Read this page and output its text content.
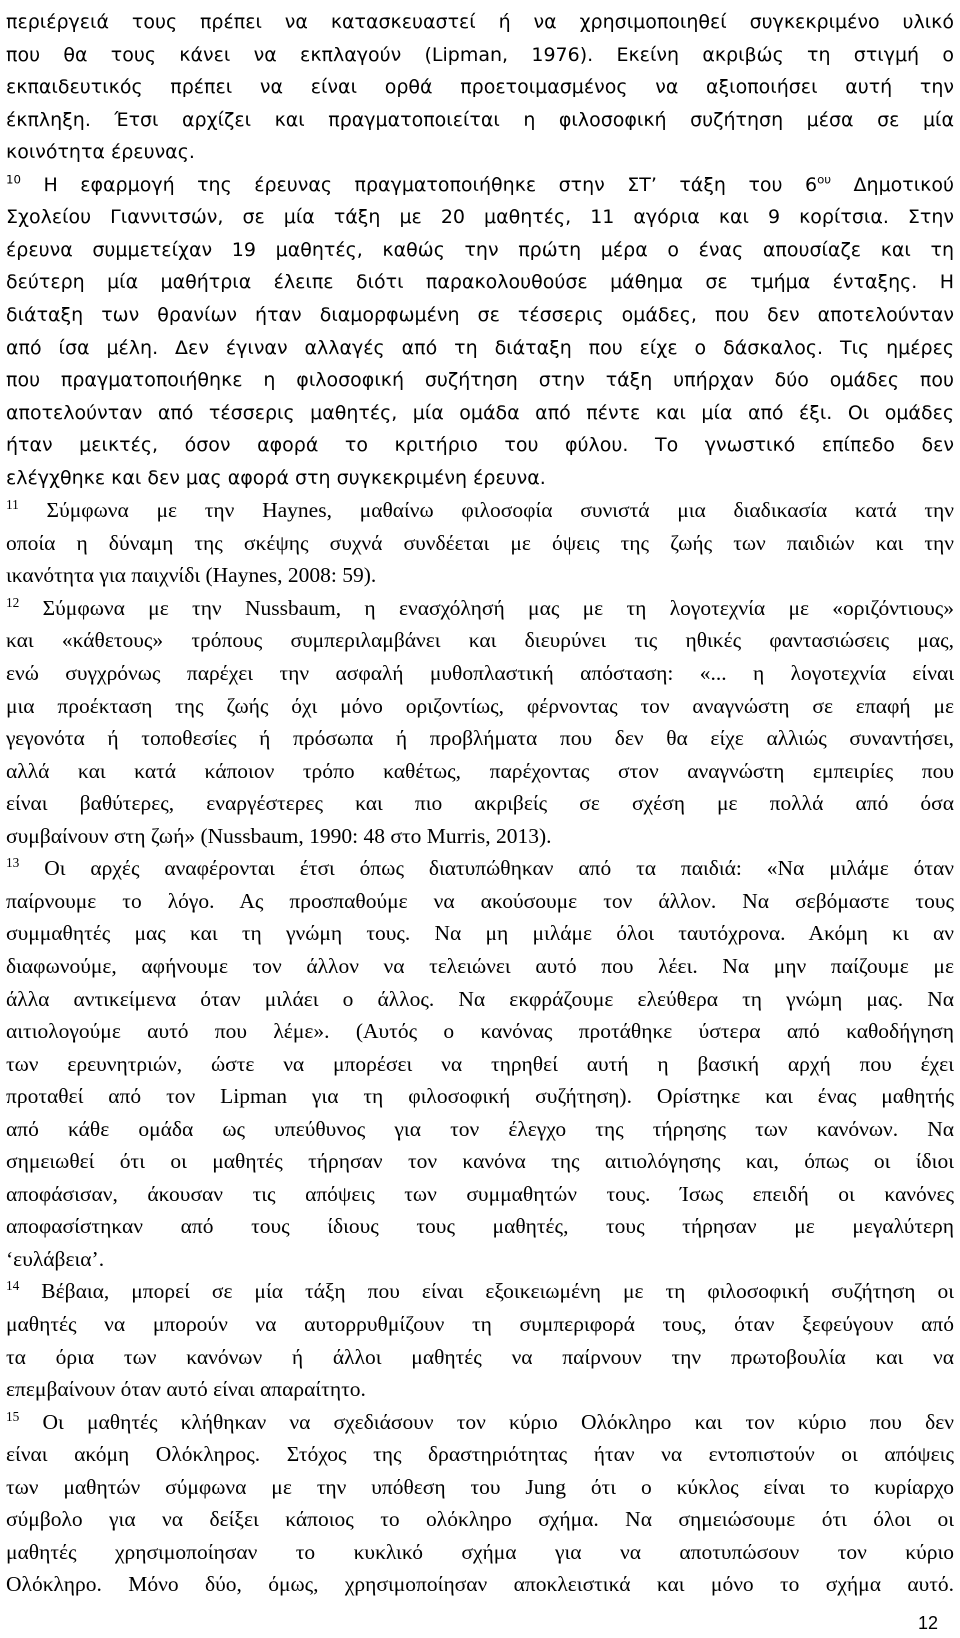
περιέργειά τους πρέπει να κατασκευαστεί ή να χρησιμοποιηθεί συγκεκριμένο υλικό
που θα τους κάνει να εκπλαγούν (Lipman, 1976). Εκείνη ακριβώς τη στιγμή ο
εκπαιδευτικός πρέπει να είναι ορθά προετοιμασμένος να αξιοποιήσει αυτή την
έκπληξη. Έτσι αρχίζει και πραγματοποιείται η φιλοσοφική συζήτηση μέσα σε μία
κοινότητα έρευνας.
$^{10}$ Η εφαρμογή της έρευνας πραγματοποιήθηκε στην ΣΤ’ τάξη του 6$^{o\upsilon}$ Δημοτικού
Σχολείου Γιαννιτσών, σε μία τάξη με 20 μαθητές, 11 αγόρια και 9 κορίτσια. Στην
έρευνα συμμετείχαν 19 μαθητές, καθώς την πρώτη μέρα ο ένας απουσίαζε και τη
δεύτερη μία μαθήτρια έλειπε διότι παρακολουθούσε μάθημα σε τμήμα ένταξης. Η
διάταξη των θρανίων ήταν διαμορφωμένη σε τέσσερις ομάδες, που δεν αποτελούνταν
από ίσα μέλη. Δεν έγιναν αλλαγές από τη διάταξη που είχε ο δάσκαλος. Τις ημέρες
που πραγματοποιήθηκε η φιλοσοφική συζήτηση στην τάξη υπήρχαν δύο ομάδες που
αποτελούνταν από τέσσερις μαθητές, μία ομάδα από πέντε και μία από έξι. Οι ομάδες
ήταν μεικτές, όσον αφορά το κριτήριο του φύλου. Το γνωστικό επίπεδο δεν
ελέγχθηκε και δεν μας αφορά στη συγκεκριμένη έρευνα.
$^{11}$ Σύμφωνα με την Haynes, μαθαίνω φιλοσοφία συνιστά μια διαδικασία κατά την
οποία η δύναμη της σκέψης συχνά συνδέεται με όψεις της ζωής των παιδιών και την
ικανότητα για παιχνίδι (Haynes, 2008: 59).
$^{12}$ Σύμφωνα με την Nussbaum, η ενασχόλησή μας με τη λογοτεχνία με «οριζόντιους»
και «κάθετους» τρόπους συμπεριλαμβάνει και διευρύνει τις ηθικές φαντασιώσεις μας,
ενώ συγχρόνως παρέχει την ασφαλή μυθοπλαστική απόσταση: «... η λογοτεχνία είναι
μια προέκταση της ζωής όχι μόνο οριζοντίως, φέρνοντας τον αναγνώστη σε επαφή με
γεγονότα ή τοποθεσίες ή πρόσωπα ή προβλήματα που δεν θα είχε αλλιώς συναντήσει,
αλλά και κατά κάποιον τρόπο καθέτως, παρέχοντας στον αναγνώστη εμπειρίες που
είναι βαθύτερες, εναργέστερες και πιο ακριβείς σε σχέση με πολλά από όσα
συμβαίνουν στη ζωή» (Nussbaum, 1990: 48 στο Murris, 2013).
$^{13}$ Οι αρχές αναφέρονται έτσι όπως διατυπώθηκαν από τα παιδιά: «Να μιλάμε όταν
παίρνουμε το λόγο. Ας προσπαθούμε να ακούσουμε τον άλλον. Να σεβόμαστε τους
συμμαθητές μας και τη γνώμη τους. Να μη μιλάμε όλοι ταυτόχρονα. Ακόμη κι αν
διαφωνούμε, αφήνουμε τον άλλον να τελειώνει αυτό που λέει. Να μην παίζουμε με
άλλα αντικείμενα όταν μιλάει ο άλλος. Να εκφράζουμε ελεύθερα τη γνώμη μας. Να
αιτιολογούμε αυτό που λέμε». (Αυτός ο κανόνας προτάθηκε ύστερα από καθοδήγηση
των ερευνητριών, ώστε να μπορέσει να τηρηθεί αυτή η βασική αρχή που έχει
προταθεί από τον Lipman για τη φιλοσοφική συζήτηση). Ορίστηκε και ένας μαθητής
από κάθε ομάδα ως υπεύθυνος για τον έλεγχο της τήρησης των κανόνων. Να
σημειωθεί ότι οι μαθητές τήρησαν τον κανόνα της αιτιολόγησης και, όπως οι ίδιοι
αποφάσισαν, άκουσαν τις απόψεις των συμμαθητών τους. Ίσως επειδή οι κανόνες
αποφασίστηκαν από τους ίδιους τους μαθητές, τους τήρησαν με μεγαλύτερη
‘ευλάβεια’.
$^{14}$ Βέβαια, μπορεί σε μία τάξη που είναι εξοικειωμένη με τη φιλοσοφική συζήτηση οι
μαθητές να μπορούν να αυτορρυθμίζουν τη συμπεριφορά τους, όταν ξεφεύγουν από
τα όρια των κανόνων ή άλλοι μαθητές να παίρνουν την πρωτοβουλία και να
επεμβαίνουν όταν αυτό είναι απαραίτητο.
$^{15}$ Οι μαθητές κλήθηκαν να σχεδιάσουν τον κύριο Ολόκληρο και τον κύριο που δεν
είναι ακόμη Ολόκληρος. Στόχος της δραστηριότητας ήταν να εντοπιστούν οι απόψεις
των μαθητών σύμφωνα με την υπόθεση του Jung ότι ο κύκλος είναι το κυρίαρχο
σύμβολο για να δείξει κάποιος το ολόκληρο σχήμα. Να σημειώσουμε ότι όλοι οι
μαθητές χρησιμοποίησαν το κυκλικό σχήμα για να αποτυπώσουν τον κύριο
Ολόκληρο. Μόνο δύο, όμως, χρησιμοποίησαν αποκλειστικά και μόνο το σχήμα αυτό.
12
